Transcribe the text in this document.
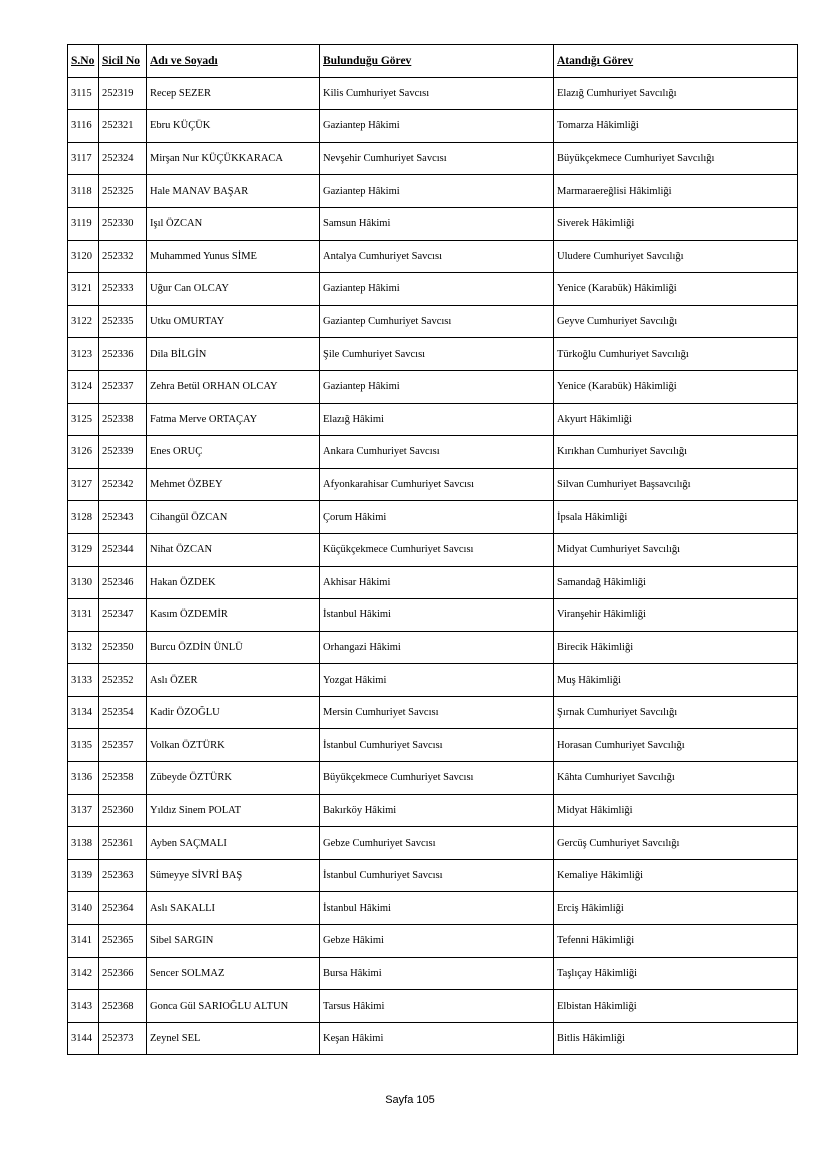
S.No	Sicil No	Adı ve Soyadı	Bulunduğu Görev	Atandığı Görev
3115	252319	Recep SEZER	Kilis Cumhuriyet Savcısı	Elazığ Cumhuriyet Savcılığı
3116	252321	Ebru KÜÇÜK	Gaziantep Hâkimi	Tomarza Hâkimliği
3117	252324	Mirşan Nur KÜÇÜKKARACA	Nevşehir Cumhuriyet Savcısı	Büyükçekmece Cumhuriyet Savcılığı
3118	252325	Hale MANAV BAŞAR	Gaziantep Hâkimi	Marmaraereğlisi Hâkimliği
3119	252330	Işıl ÖZCAN	Samsun Hâkimi	Siverek Hâkimliği
3120	252332	Muhammed Yunus SİME	Antalya Cumhuriyet Savcısı	Uludere Cumhuriyet Savcılığı
3121	252333	Uğur Can OLCAY	Gaziantep Hâkimi	Yenice (Karabük) Hâkimliği
3122	252335	Utku OMURTAY	Gaziantep Cumhuriyet Savcısı	Geyve Cumhuriyet Savcılığı
3123	252336	Dila BİLGİN	Şile Cumhuriyet Savcısı	Türkoğlu Cumhuriyet Savcılığı
3124	252337	Zehra Betül ORHAN OLCAY	Gaziantep Hâkimi	Yenice (Karabük) Hâkimliği
3125	252338	Fatma Merve ORTAÇAY	Elazığ Hâkimi	Akyurt Hâkimliği
3126	252339	Enes ORUÇ	Ankara Cumhuriyet Savcısı	Kırıkhan Cumhuriyet Savcılığı
3127	252342	Mehmet ÖZBEY	Afyonkarahisar Cumhuriyet Savcısı	Silvan Cumhuriyet Başsavcılığı
3128	252343	Cihangül ÖZCAN	Çorum Hâkimi	İpsala Hâkimliği
3129	252344	Nihat ÖZCAN	Küçükçekmece Cumhuriyet Savcısı	Midyat Cumhuriyet Savcılığı
3130	252346	Hakan ÖZDEK	Akhisar Hâkimi	Samandağ Hâkimliği
3131	252347	Kasım ÖZDEMİR	İstanbul Hâkimi	Viranşehir Hâkimliği
3132	252350	Burcu ÖZDİN ÜNLÜ	Orhangazi Hâkimi	Birecik Hâkimliği
3133	252352	Aslı ÖZER	Yozgat Hâkimi	Muş Hâkimliği
3134	252354	Kadir ÖZOĞLU	Mersin Cumhuriyet Savcısı	Şırnak Cumhuriyet Savcılığı
3135	252357	Volkan ÖZTÜRK	İstanbul Cumhuriyet Savcısı	Horasan Cumhuriyet Savcılığı
3136	252358	Zübeyde ÖZTÜRK	Büyükçekmece Cumhuriyet Savcısı	Kâhta Cumhuriyet Savcılığı
3137	252360	Yıldız Sinem POLAT	Bakırköy Hâkimi	Midyat Hâkimliği
3138	252361	Ayben SAÇMALI	Gebze Cumhuriyet Savcısı	Gercüş Cumhuriyet Savcılığı
3139	252363	Sümeyye SİVRİ BAŞ	İstanbul Cumhuriyet Savcısı	Kemaliye Hâkimliği
3140	252364	Aslı SAKALLI	İstanbul Hâkimi	Erciş Hâkimliği
3141	252365	Sibel SARGIN	Gebze Hâkimi	Tefenni Hâkimliği
3142	252366	Sencer SOLMAZ	Bursa Hâkimi	Taşlıçay Hâkimliği
3143	252368	Gonca Gül SARIOĞLU ALTUN	Tarsus Hâkimi	Elbistan Hâkimliği
3144	252373	Zeynel SEL	Keşan Hâkimi	Bitlis Hâkimliği
Sayfa 105
